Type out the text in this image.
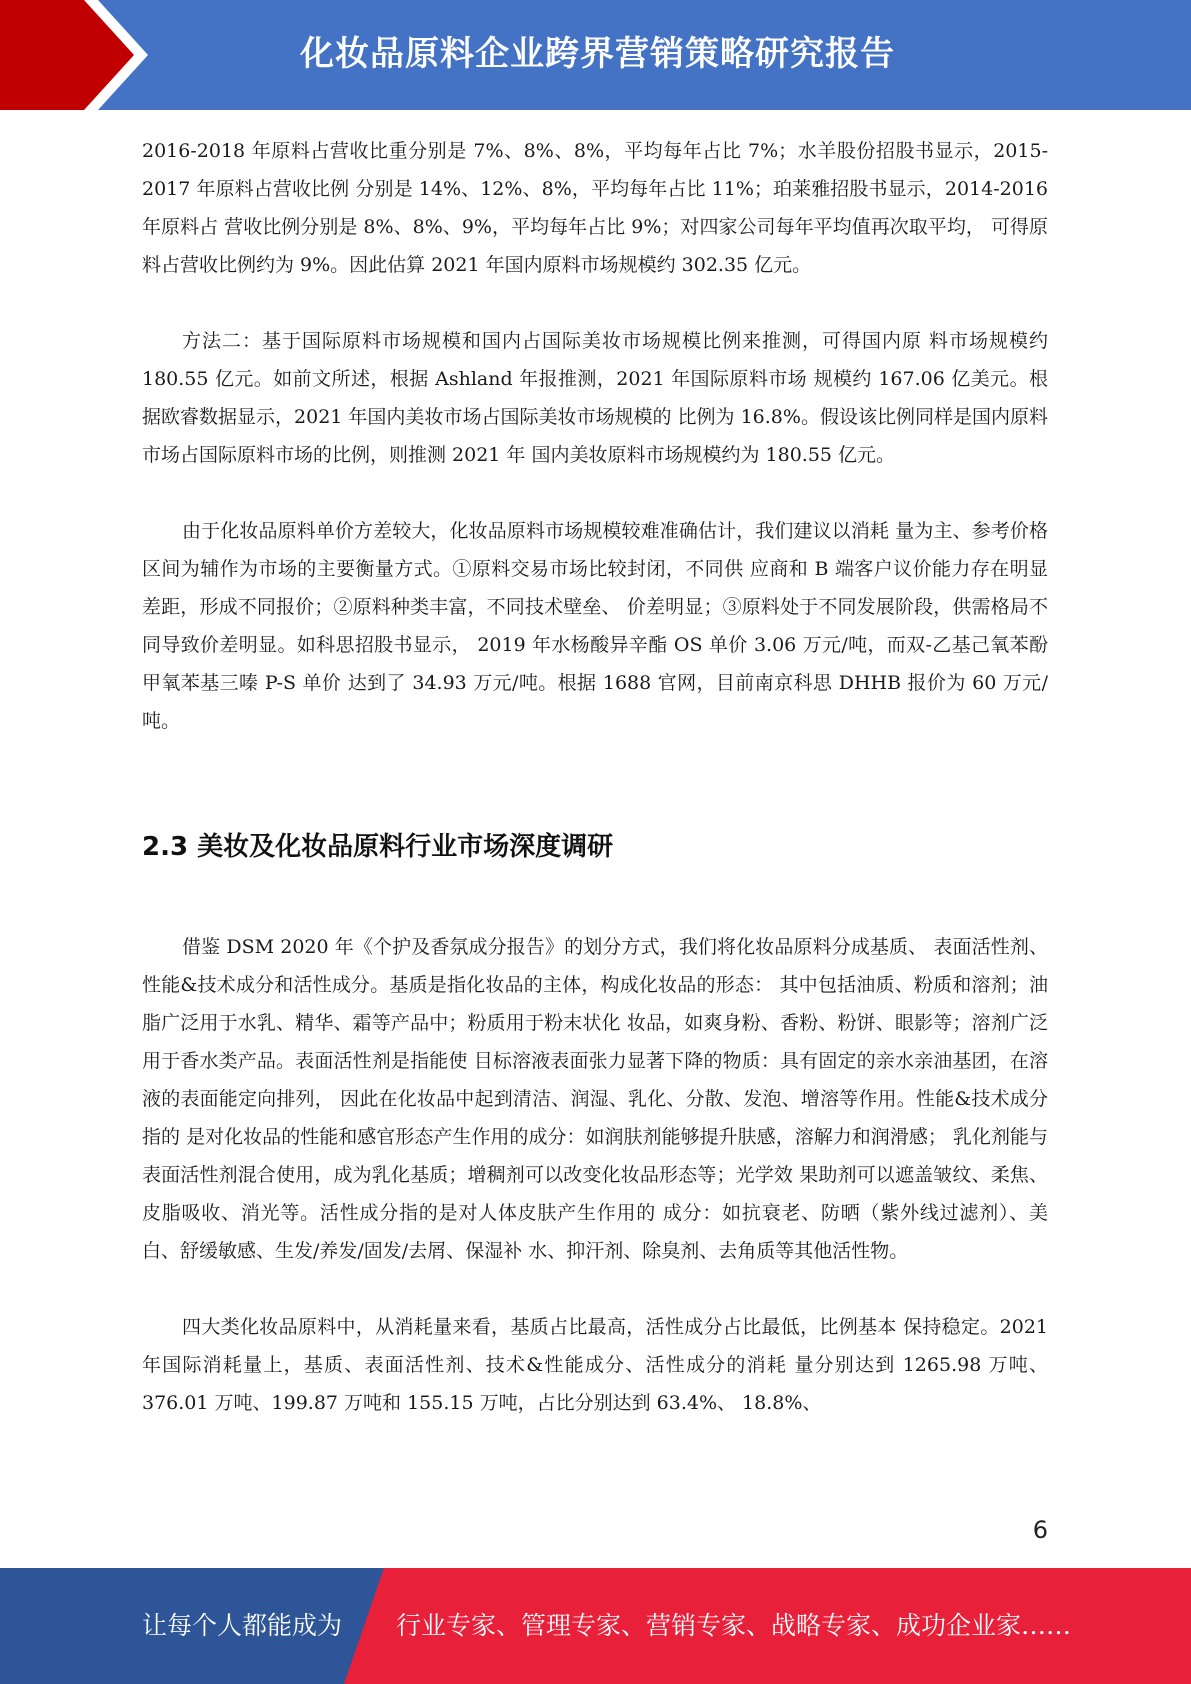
化妆品原料企业跨界营销策略研究报告

2016-2018 年原料占营收比重分别是 7%、8%、8%，平均每年占比 7%；水羊股份招股书显示，2015-2017 年原料占营收比例 分别是 14%、12%、8%，平均每年占比 11%；珀莱雅招股书显示，2014-2016 年原料占 营收比例分别是 8%、8%、9%，平均每年占比 9%；对四家公司每年平均值再次取平均， 可得原料占营收比例约为 9%。因此估算 2021 年国内原料市场规模约 302.35 亿元。

方法二：基于国际原料市场规模和国内占国际美妆市场规模比例来推测，可得国内原 料市场规模约 180.55 亿元。如前文所述，根据 Ashland 年报推测，2021 年国际原料市场 规模约 167.06 亿美元。根据欧睿数据显示，2021 年国内美妆市场占国际美妆市场规模的 比例为 16.8%。假设该比例同样是国内原料市场占国际原料市场的比例，则推测 2021 年 国内美妆原料市场规模约为 180.55 亿元。

由于化妆品原料单价方差较大，化妆品原料市场规模较难准确估计，我们建议以消耗 量为主、参考价格区间为辅作为市场的主要衡量方式。①原料交易市场比较封闭，不同供 应商和 B 端客户议价能力存在明显差距，形成不同报价；②原料种类丰富，不同技术壁垒、 价差明显；③原料处于不同发展阶段，供需格局不同导致价差明显。如科思招股书显示， 2019 年水杨酸异辛酯 OS 单价 3.06 万元/吨，而双-乙基己氧苯酚甲氧苯基三嗪 P-S 单价 达到了 34.93 万元/吨。根据 1688 官网，目前南京科思 DHHB 报价为 60 万元/吨。

2.3 美妆及化妆品原料行业市场深度调研

借鉴 DSM 2020 年《个护及香氛成分报告》的划分方式，我们将化妆品原料分成基质、 表面活性剂、性能&技术成分和活性成分。基质是指化妆品的主体，构成化妆品的形态： 其中包括油质、粉质和溶剂；油脂广泛用于水乳、精华、霜等产品中；粉质用于粉末状化 妆品，如爽身粉、香粉、粉饼、眼影等；溶剂广泛用于香水类产品。表面活性剂是指能使 目标溶液表面张力显著下降的物质：具有固定的亲水亲油基团，在溶液的表面能定向排列， 因此在化妆品中起到清洁、润湿、乳化、分散、发泡、增溶等作用。性能&技术成分指的 是对化妆品的性能和感官形态产生作用的成分：如润肤剂能够提升肤感，溶解力和润滑感； 乳化剂能与表面活性剂混合使用，成为乳化基质；增稠剂可以改变化妆品形态等；光学效 果助剂可以遮盖皱纹、柔焦、皮脂吸收、消光等。活性成分指的是对人体皮肤产生作用的 成分：如抗衰老、防晒（紫外线过滤剂）、美白、舒缓敏感、生发/养发/固发/去屑、保湿补 水、抑汗剂、除臭剂、去角质等其他活性物。

四大类化妆品原料中，从消耗量来看，基质占比最高，活性成分占比最低，比例基本 保持稳定。2021 年国际消耗量上，基质、表面活性剂、技术&性能成分、活性成分的消耗 量分别达到 1265.98 万吨、376.01 万吨、199.87 万吨和 155.15 万吨，占比分别达到 63.4%、 18.8%、

6
让每个人都能成为 行业专家、管理专家、营销专家、战略专家、成功企业家……
